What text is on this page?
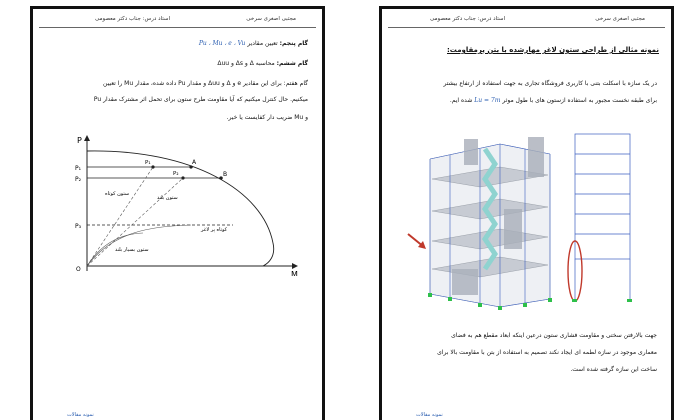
مجتبی اصغری سرخی
استاد درس: جناب دکتر معصومی
گام پنجم: تعیین مقادیر Pu ، Mu ، e ، Vu
گام ششم: محاسبه Δ و Δs و Δuu
گام هفتم: برای این مقادیر e و Δ و Δuu و مقدار Pu داده شده، مقدار Mu را تعیین
میکنیم. حال کنترل میکنیم که آیا مقاومت طرح ستون برای تحمل اثر مشترک مقدار Pu
و Mu ضریب دار کفایست یا خیر.
P
M
O
P₁
P₂
P₃
P₁
P₂
A
B
ستون کوتاه
ستون بلند
کوتاه پر لاغر
ستون بسیار بلند
نمونه مقالات
مجتبی اصغری سرخی
استاد درس: جناب دکتر معصومی
نمونه مثالی از طراحی ستون لاغر مهارشده با بتن پرمقاومت:
در یک سازه با اسکلت بتنی با کاربری فروشگاه تجاری به جهت استفاده از ارتفاع بیشتر
برای طبقه نخست مجبور به استفاده ازستون های با طول موثر Lu = 7m شده ایم.
جهت بالارفتن سختی و مقاومت فشاری ستون درعین اینکه ابعاد مقطع هم به فضای
معماری موجود در سازه لطمه ای ایجاد نکند تصمیم به استفاده از بتن با مقاومت بالا برای
ساخت این سازه گرفته شده است.
نمونه مقالات
